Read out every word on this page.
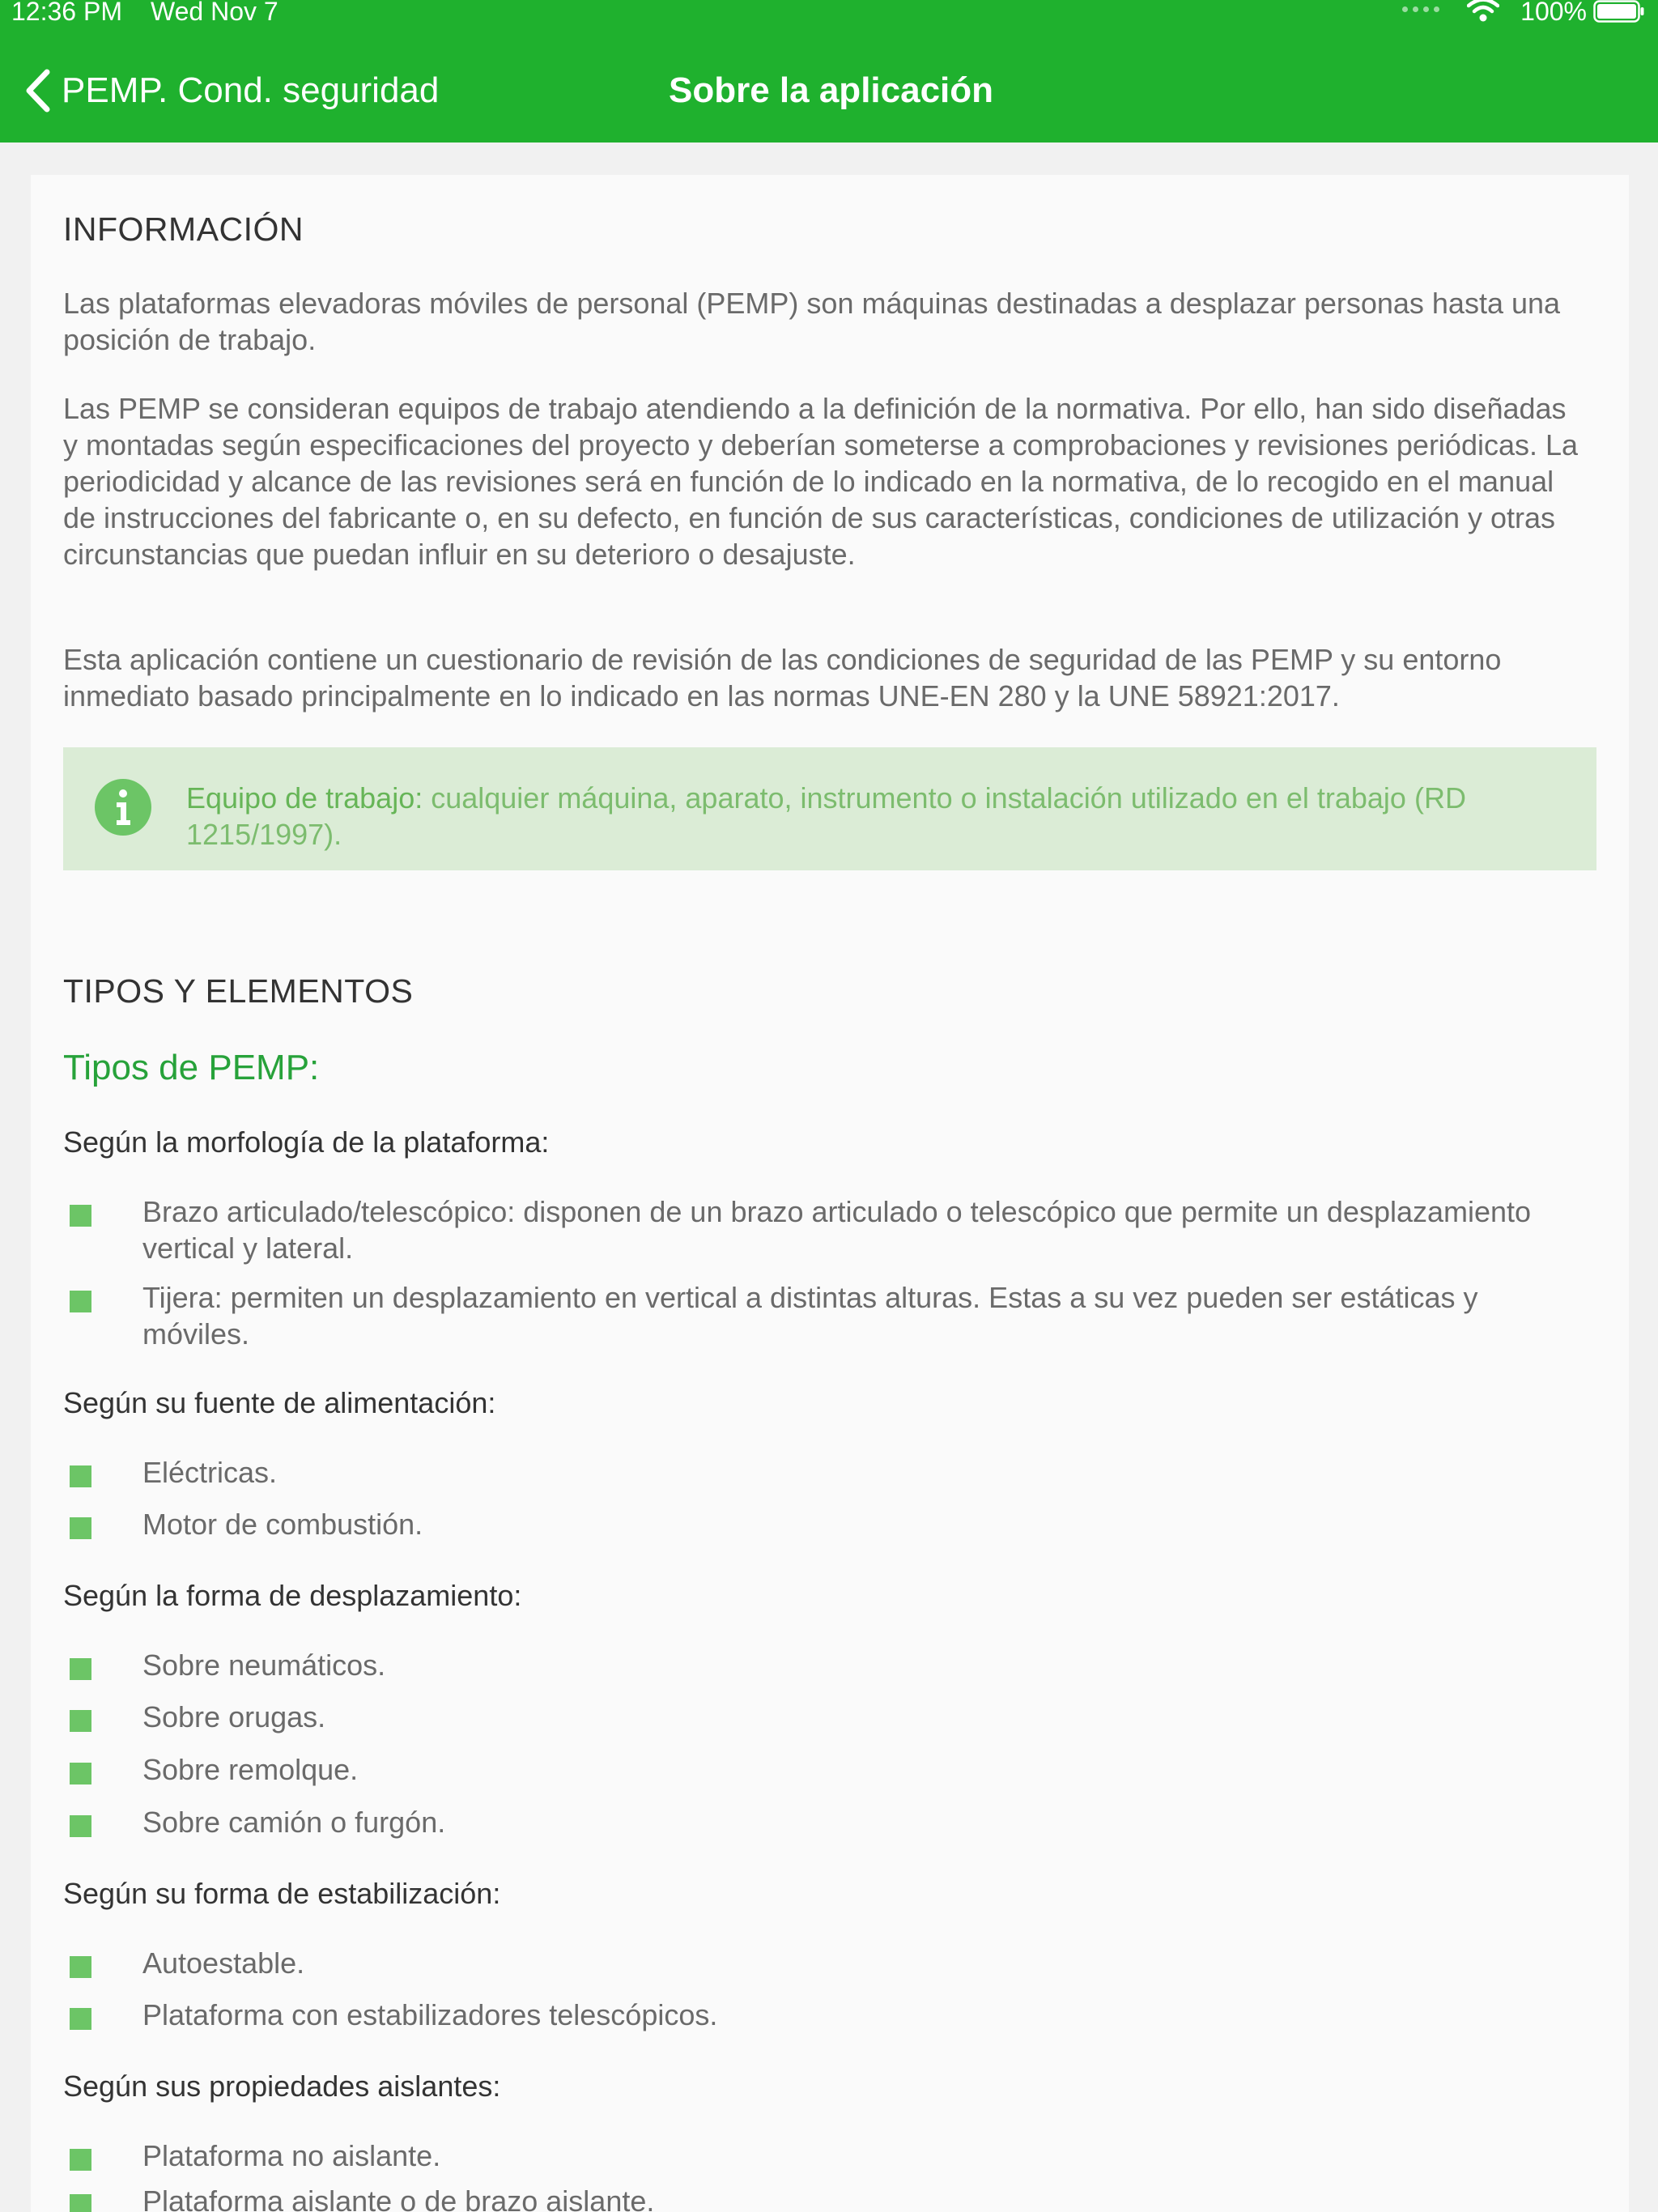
12:36 PM Wed Nov 7	100%
PEMP. Cond. seguridad	Sobre la aplicación
INFORMACIÓN
Las plataformas elevadoras móviles de personal (PEMP) son máquinas destinadas a desplazar personas hasta una posición de trabajo.
Las PEMP se consideran equipos de trabajo atendiendo a la definición de la normativa. Por ello, han sido diseñadas y montadas según especificaciones del proyecto y deberían someterse a comprobaciones y revisiones periódicas. La periodicidad y alcance de las revisiones será en función de lo indicado en la normativa, de lo recogido en el manual de instrucciones del fabricante o, en su defecto, en función de sus características, condiciones de utilización y otras circunstancias que puedan influir en su deterioro o desajuste.
Esta aplicación contiene un cuestionario de revisión de las condiciones de seguridad de las PEMP y su entorno inmediato basado principalmente en lo indicado en las normas UNE-EN 280 y la UNE 58921:2017.
Equipo de trabajo: cualquier máquina, aparato, instrumento o instalación utilizado en el trabajo (RD 1215/1997).
TIPOS Y ELEMENTOS
Tipos de PEMP:
Según la morfología de la plataforma:
Brazo articulado/telescópico: disponen de un brazo articulado o telescópico que permite un desplazamiento vertical y lateral.
Tijera: permiten un desplazamiento en vertical a distintas alturas. Estas a su vez pueden ser estáticas y móviles.
Según su fuente de alimentación:
Eléctricas.
Motor de combustión.
Según la forma de desplazamiento:
Sobre neumáticos.
Sobre orugas.
Sobre remolque.
Sobre camión o furgón.
Según su forma de estabilización:
Autoestable.
Plataforma con estabilizadores telescópicos.
Según sus propiedades aislantes:
Plataforma no aislante.
Plataforma aislante o de brazo aislante.
